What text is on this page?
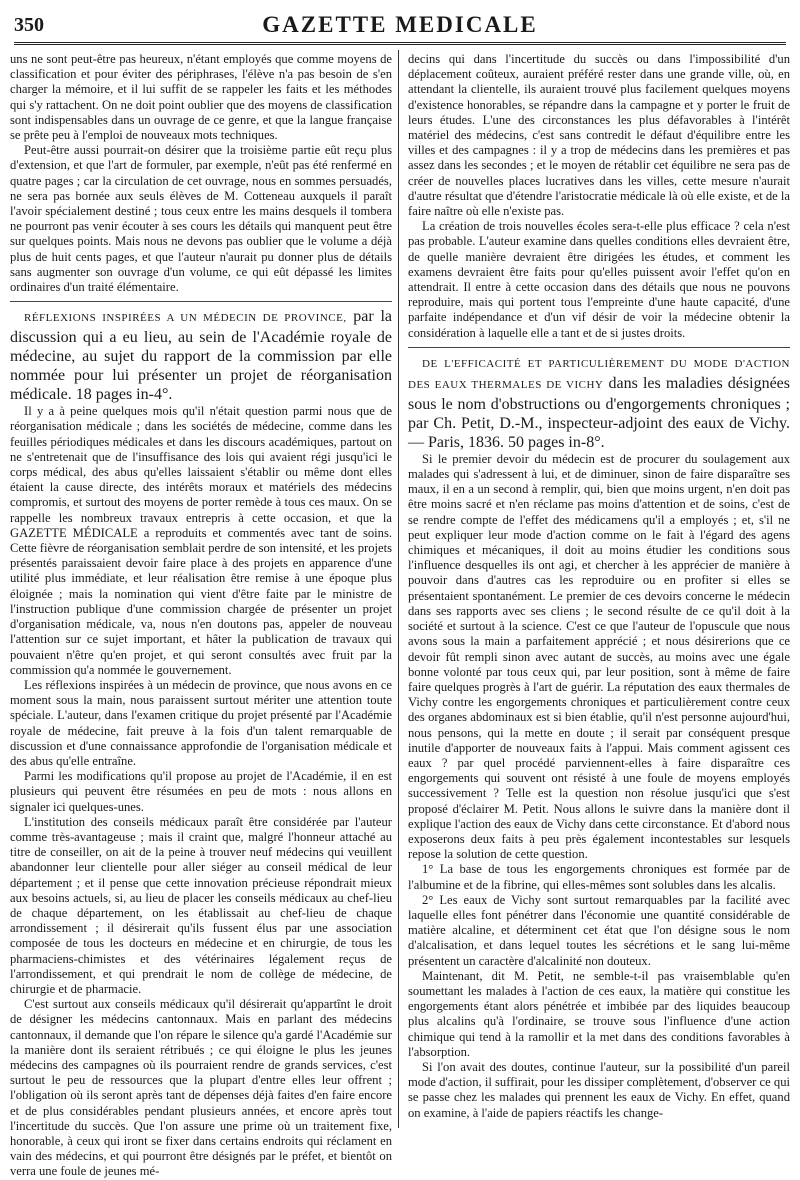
350	GAZETTE MEDICALE

uns ne sont peut-être pas heureux, n'étant employés que comme moyens de classification et pour éviter des périphrases, l'élève n'a pas besoin de s'en charger la mémoire, et il lui suffit de se rappeler les faits et les méthodes qui s'y rattachent. On ne doit point oublier que des moyens de classification sont indispensables dans un ouvrage de ce genre, et que la langue française se prête peu à l'emploi de nouveaux mots techniques.

Peut-être aussi pourrait-on désirer que la troisième partie eût reçu plus d'extension, et que l'art de formuler, par exemple, n'eût pas été renfermé en quatre pages ; car la circulation de cet ouvrage, nous en sommes persuadés, ne sera pas bornée aux seuls élèves de M. Cotteneau auxquels il paraît l'avoir spécialement destiné ; tous ceux entre les mains desquels il tombera ne pourront pas venir écouter à ses cours les détails qui manquent peut être sur quelques points. Mais nous ne devons pas oublier que le volume a déjà plus de huit cents pages, et que l'auteur n'aurait pu donner plus de détails sans augmenter son ouvrage d'un volume, ce qui eût dépassé les limites ordinaires d'un traité élémentaire.

RÉFLEXIONS INSPIRÉES A UN MÉDECIN DE PROVINCE, par la discussion qui a eu lieu, au sein de l'Académie royale de médecine, au sujet du rapport de la commission par elle nommée pour lui présenter un projet de réorganisation médicale. 18 pages in-4°.

Il y a à peine quelques mois qu'il n'était question parmi nous que de réorganisation médicale ; dans les sociétés de médecine, comme dans les feuilles périodiques médicales et dans les discours académiques, partout on ne s'entretenait que de l'insuffisance des lois qui avaient régi jusqu'ici le corps médical, des abus qu'elles laissaient s'établir ou même dont elles étaient la cause directe, des intérêts moraux et matériels des médecins compromis, et surtout des moyens de porter remède à tous ces maux. On se rappelle les nombreux travaux entrepris à cette occasion, et que la GAZETTE MÉDICALE a reproduits et commentés avec tant de soins. Cette fièvre de réorganisation semblait perdre de son intensité, et les projets présentés paraissaient devoir faire place à des projets en apparence d'une utilité plus immédiate, et leur réalisation être remise à une époque plus éloignée ; mais la nomination qui vient d'être faite par le ministre de l'instruction publique d'une commission chargée de présenter un projet d'organisation médicale, va, nous n'en doutons pas, appeler de nouveau l'attention sur ce sujet important, et hâter la publication de travaux qui pouvaient n'être qu'en projet, et qui seront consultés avec fruit par la commission qu'a nommée le gouvernement.

Les réflexions inspirées à un médecin de province, que nous avons en ce moment sous la main, nous paraissent surtout mériter une attention toute spéciale. L'auteur, dans l'examen critique du projet présenté par l'Académie royale de médecine, fait preuve à la fois d'un talent remarquable de discussion et d'une connaissance approfondie de l'organisation médicale et des abus qu'elle entraîne.

Parmi les modifications qu'il propose au projet de l'Académie, il en est plusieurs qui peuvent être résumées en peu de mots : nous allons en signaler ici quelques-unes.

L'institution des conseils médicaux paraît être considérée par l'auteur comme très-avantageuse ; mais il craint que, malgré l'honneur attaché au titre de conseiller, on ait de la peine à trouver neuf médecins qui veuillent abandonner leur clientelle pour aller siéger au conseil médical de leur département ; et il pense que cette innovation précieuse répondrait mieux aux besoins actuels, si, au lieu de placer les conseils médicaux au chef-lieu de chaque département, on les établissait au chef-lieu de chaque arrondissement ; il désirerait qu'ils fussent élus par une association composée de tous les docteurs en médecine et en chirurgie, de tous les pharmaciens-chimistes et des vétérinaires légalement reçus de l'arrondissement, et qui prendrait le nom de collège de médecine, de chirurgie et de pharmacie.

C'est surtout aux conseils médicaux qu'il désirerait qu'appartînt le droit de désigner les médecins cantonnaux. Mais en parlant des médecins cantonnaux, il demande que l'on répare le silence qu'a gardé l'Académie sur la manière dont ils seraient rétribués ; ce qui éloigne le plus les jeunes médecins des campagnes où ils pourraient rendre de grands services, c'est surtout le peu de ressources que la plupart d'entre elles leur offrent ; l'obligation où ils seront après tant de dépenses déjà faites d'en faire encore et de plus considérables pendant plusieurs années, et encore après tout l'incertitude du succès. Que l'on assure une prime où un traitement fixe, honorable, à ceux qui iront se fixer dans certains endroits qui réclament en vain des médecins, et qui pourront être désignés par le préfet, et bientôt on verra une foule de jeunes mé-

decins qui dans l'incertitude du succès ou dans l'impossibilité d'un déplacement coûteux, auraient préféré rester dans une grande ville, où, en attendant la clientelle, ils auraient trouvé plus facilement quelques moyens d'existence honorables, se répandre dans la campagne et y porter le fruit de leurs études. L'une des circonstances les plus défavorables à l'intérêt matériel des médecins, c'est sans contredit le défaut d'équilibre entre les villes et des campagnes : il y a trop de médecins dans les premières et pas assez dans les secondes ; et le moyen de rétablir cet équilibre ne sera pas de créer de nouvelles places lucratives dans les villes, cette mesure n'aurait d'autre résultat que d'étendre l'aristocratie médicale là où elle existe, et de la faire naître où elle n'existe pas.

La création de trois nouvelles écoles sera-t-elle plus efficace ? cela n'est pas probable. L'auteur examine dans quelles conditions elles devraient être, de quelle manière devraient être dirigées les études, et comment les examens devraient être faits pour qu'elles puissent avoir l'effet qu'on en attendrait. Il entre à cette occasion dans des détails que nous ne pouvons reproduire, mais qui portent tous l'empreinte d'une haute capacité, d'une parfaite indépendance et d'un vif désir de voir la médecine obtenir la considération à laquelle elle a tant et de si justes droits.

DE L'EFFICACITÉ ET PARTICULIÈREMENT DU MODE D'ACTION DES EAUX THERMALES DE VICHY dans les maladies désignées sous le nom d'obstructions ou d'engorgements chroniques ; par Ch. Petit, D.-M., inspecteur-adjoint des eaux de Vichy. — Paris, 1836. 50 pages in-8°.

Si le premier devoir du médecin est de procurer du soulagement aux malades qui s'adressent à lui, et de diminuer, sinon de faire disparaître ses maux, il en a un second à remplir, qui, bien que moins urgent, n'en doit pas être moins sacré et n'en réclame pas moins d'attention et de soins, c'est de se rendre compte de l'effet des médicamens qu'il a employés ; et, s'il ne peut expliquer leur mode d'action comme on le fait à l'égard des agens chimiques et mécaniques, il doit au moins étudier les conditions sous l'influence desquelles ils ont agi, et chercher à les apprécier de manière à pouvoir dans d'autres cas les reproduire ou en profiter si elles se présentaient spontanément. Le premier de ces devoirs concerne le médecin dans ses rapports avec ses cliens ; le second résulte de ce qu'il doit à la société et surtout à la science. C'est ce que l'auteur de l'opuscule que nous avons sous la main a parfaitement apprécié ; et nous désirerions que ce devoir fût rempli sinon avec autant de succès, au moins avec une égale bonne volonté par tous ceux qui, par leur position, sont à même de faire faire quelques progrès à l'art de guérir. La réputation des eaux thermales de Vichy contre les engorgements chroniques et particulièrement contre ceux des organes abdominaux est si bien établie, qu'il n'est personne aujourd'hui, nous pensons, qui la mette en doute ; il serait par conséquent presque inutile d'apporter de nouveaux faits à l'appui. Mais comment agissent ces eaux ? par quel procédé parviennent-elles à faire disparaître ces engorgements qui souvent ont résisté à une foule de moyens employés successivement ? Telle est la question non résolue jusqu'ici que s'est proposé d'éclairer M. Petit. Nous allons le suivre dans la manière dont il explique l'action des eaux de Vichy dans cette circonstance. Et d'abord nous exposerons deux faits à peu près également incontestables sur lesquels repose la solution de cette question.

1° La base de tous les engorgements chroniques est formée par de l'albumine et de la fibrine, qui elles-mêmes sont solubles dans les alcalis.

2° Les eaux de Vichy sont surtout remarquables par la facilité avec laquelle elles font pénétrer dans l'économie une quantité considérable de matière alcaline, et déterminent cet état que l'on désigne sous le nom d'alcalisation, et dans lequel toutes les sécrétions et le sang lui-même présentent un caractère d'alcalinité non douteux.

Maintenant, dit M. Petit, ne semble-t-il pas vraisemblable qu'en soumettant les malades à l'action de ces eaux, la matière qui constitue les engorgements étant alors pénétrée et imbibée par des liquides beaucoup plus alcalins qu'à l'ordinaire, se trouve sous l'influence d'une action chimique qui tend à la ramollir et la met dans des conditions favorables à l'absorption.

Si l'on avait des doutes, continue l'auteur, sur la possibilité d'un pareil mode d'action, il suffirait, pour les dissiper complètement, d'observer ce qui se passe chez les malades qui prennent les eaux de Vichy. En effet, quand on examine, à l'aide de papiers réactifs les change-
